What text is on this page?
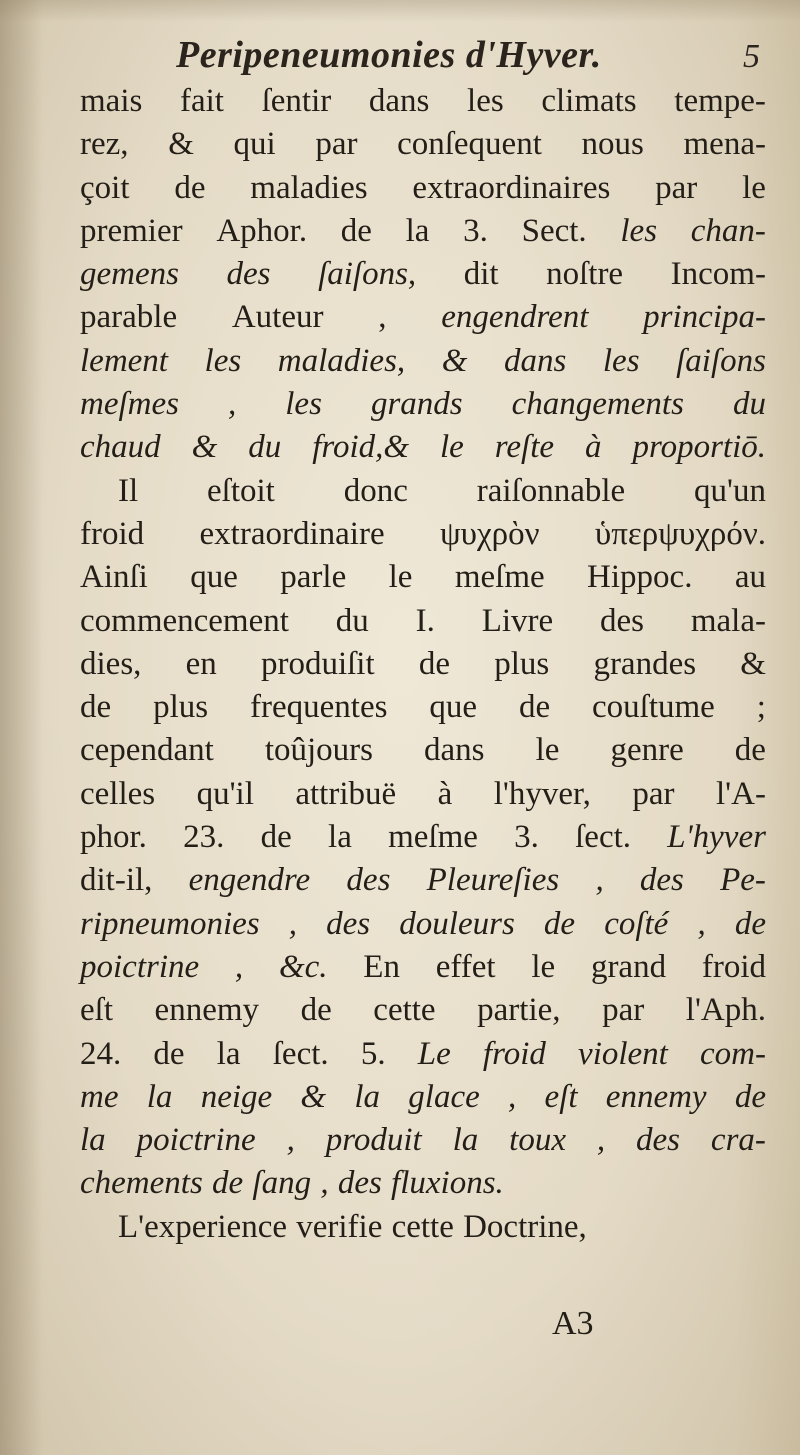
Peripeneumonies d'Hyver.	5
mais fait ſentir dans les climats tempe-
rez, & qui par conſequent nous mena-
çoit de maladies extraordinaires par le
premier Aphor. de la 3. Sect. les chan-
gemens des ſaiſons, dit noſtre Incom-
parable Auteur , engendrent principa-
lement les maladies, & dans les ſaiſons
meſmes , les grands changements du
chaud & du froid,& le reſte à proportiō.
Il eſtoit donc raiſonnable qu'un
froid extraordinaire ψυχρὸν ὑπερψυχρόν.
Ainſi que parle le meſme Hippoc. au
commencement du I. Livre des mala-
dies, en produiſit de plus grandes &
de plus frequentes que de couſtume ;
cependant toûjours dans le genre de
celles qu'il attribuë à l'hyver, par l'A-
phor. 23. de la meſme 3. ſect. L'hyver
dit-il, engendre des Pleureſies , des Pe-
ripneumonies , des douleurs de coſté , de
poictrine , &c. En effet le grand froid
eſt ennemy de cette partie, par l'Aph.
24. de la ſect. 5. Le froid violent com-
me la neige & la glace , eſt ennemy de
la poictrine , produit la toux , des cra-
chements de ſang , des fluxions.
L'experience verifie cette Doctrine,
A3
